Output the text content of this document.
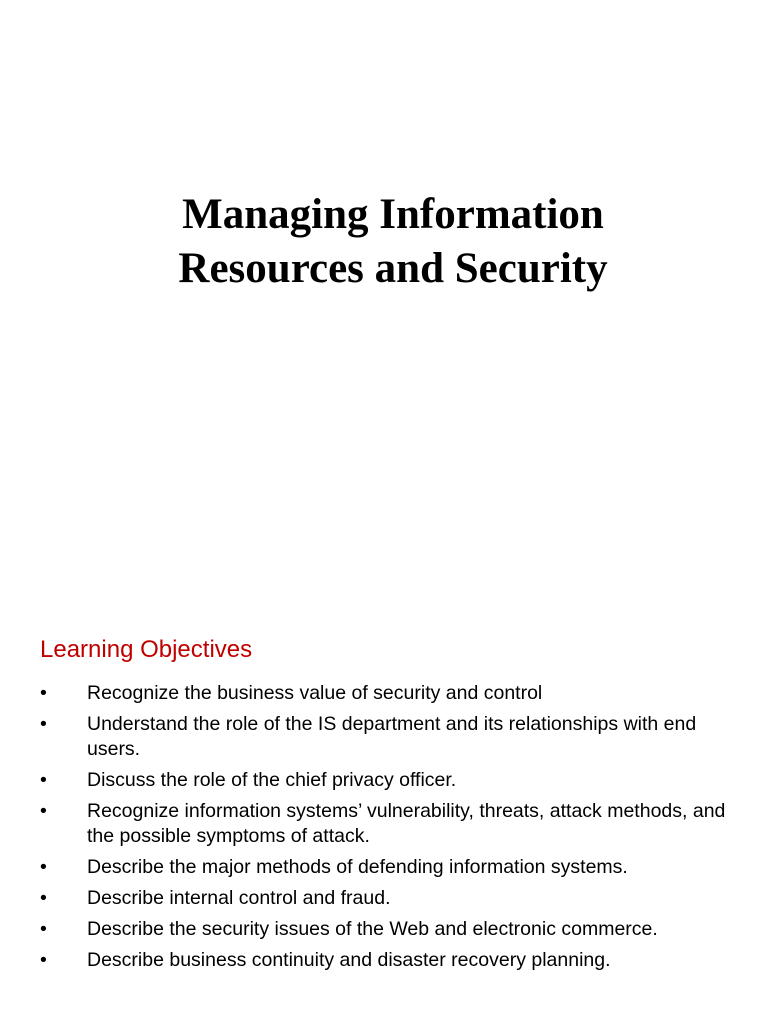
Managing Information
Resources and Security
Learning Objectives
• Recognize the business value of security and control
• Understand the role of the IS department and its relationships with end users.
• Discuss the role of the chief privacy officer.
• Recognize information systems’ vulnerability, threats, attack methods, and the possible symptoms of attack.
• Describe the major methods of defending information systems.
• Describe internal control and fraud.
• Describe the security issues of the Web and electronic commerce.
• Describe business continuity and disaster recovery planning.
